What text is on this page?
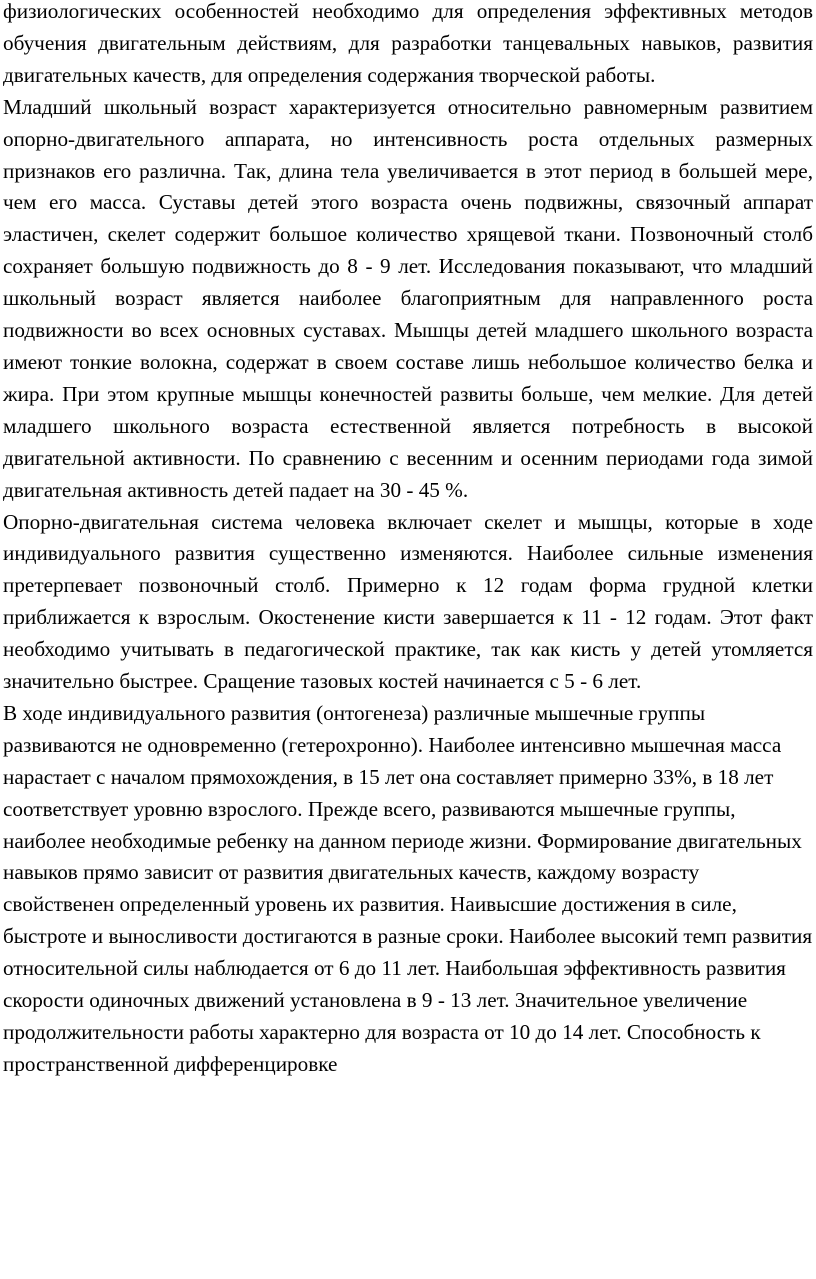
физиологических особенностей необходимо для определения эффективных методов обучения двигательным действиям, для разработки танцевальных навыков, развития двигательных качеств, для определения содержания творческой работы.

Младший школьный возраст характеризуется относительно равномерным развитием опорно-двигательного аппарата, но интенсивность роста отдельных размерных признаков его различна. Так, длина тела увеличивается в этот период в большей мере, чем его масса. Суставы детей этого возраста очень подвижны, связочный аппарат эластичен, скелет содержит большое количество хрящевой ткани. Позвоночный столб сохраняет большую подвижность до 8 - 9 лет. Исследования показывают, что младший школьный возраст является наиболее благоприятным для направленного роста подвижности во всех основных суставах. Мышцы детей младшего школьного возраста имеют тонкие волокна, содержат в своем составе лишь небольшое количество белка и жира. При этом крупные мышцы конечностей развиты больше, чем мелкие. Для детей младшего школьного возраста естественной является потребность в высокой двигательной активности. По сравнению с весенним и осенним периодами года зимой двигательная активность детей падает на 30 - 45 %.

Опорно-двигательная система человека включает скелет и мышцы, которые в ходе индивидуального развития существенно изменяются. Наиболее сильные изменения претерпевает позвоночный столб. Примерно к 12 годам форма грудной клетки приближается к взрослым. Окостенение кисти завершается к 11 - 12 годам. Этот факт необходимо учитывать в педагогической практике, так как кисть у детей утомляется значительно быстрее. Сращение тазовых костей начинается с 5 - 6 лет.

В ходе индивидуального развития (онтогенеза) различные мышечные группы развиваются не одновременно (гетерохронно). Наиболее интенсивно мышечная масса нарастает с началом прямохождения, в 15 лет она составляет примерно 33%, в 18 лет соответствует уровню взрослого. Прежде всего, развиваются мышечные группы, наиболее необходимые ребенку на данном периоде жизни. Формирование двигательных навыков прямо зависит от развития двигательных качеств, каждому возрасту свойственен определенный уровень их развития. Наивысшие достижения в силе, быстроте и выносливости достигаются в разные сроки. Наиболее высокий темп развития относительной силы наблюдается от 6 до 11 лет. Наибольшая эффективность развития скорости одиночных движений установлена в 9 - 13 лет. Значительное увеличение продолжительности работы характерно для возраста от 10 до 14 лет. Способность к пространственной дифференцировке
